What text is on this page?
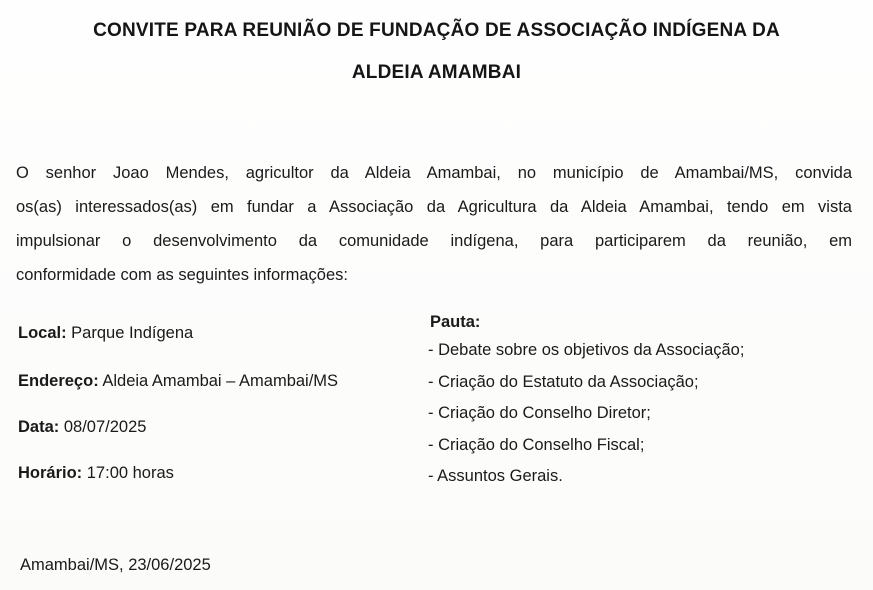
CONVITE PARA REUNIÃO DE FUNDAÇÃO DE ASSOCIAÇÃO INDÍGENA DA
ALDEIA AMAMBAI
O senhor Joao Mendes, agricultor da Aldeia Amambai, no município de Amambai/MS, convida
os(as) interessados(as) em fundar a Associação da Agricultura da Aldeia Amambai, tendo em vista
impulsionar o desenvolvimento da comunidade indígena, para participarem da reunião, em
conformidade com as seguintes informações:
Local: Parque Indígena
Endereço: Aldeia Amambai – Amambai/MS
Data: 08/07/2025
Horário: 17:00 horas
Pauta:
- Debate sobre os objetivos da Associação;
- Criação do Estatuto da Associação;
- Criação do Conselho Diretor;
- Criação do Conselho Fiscal;
- Assuntos Gerais.
Amambai/MS, 23/06/2025
